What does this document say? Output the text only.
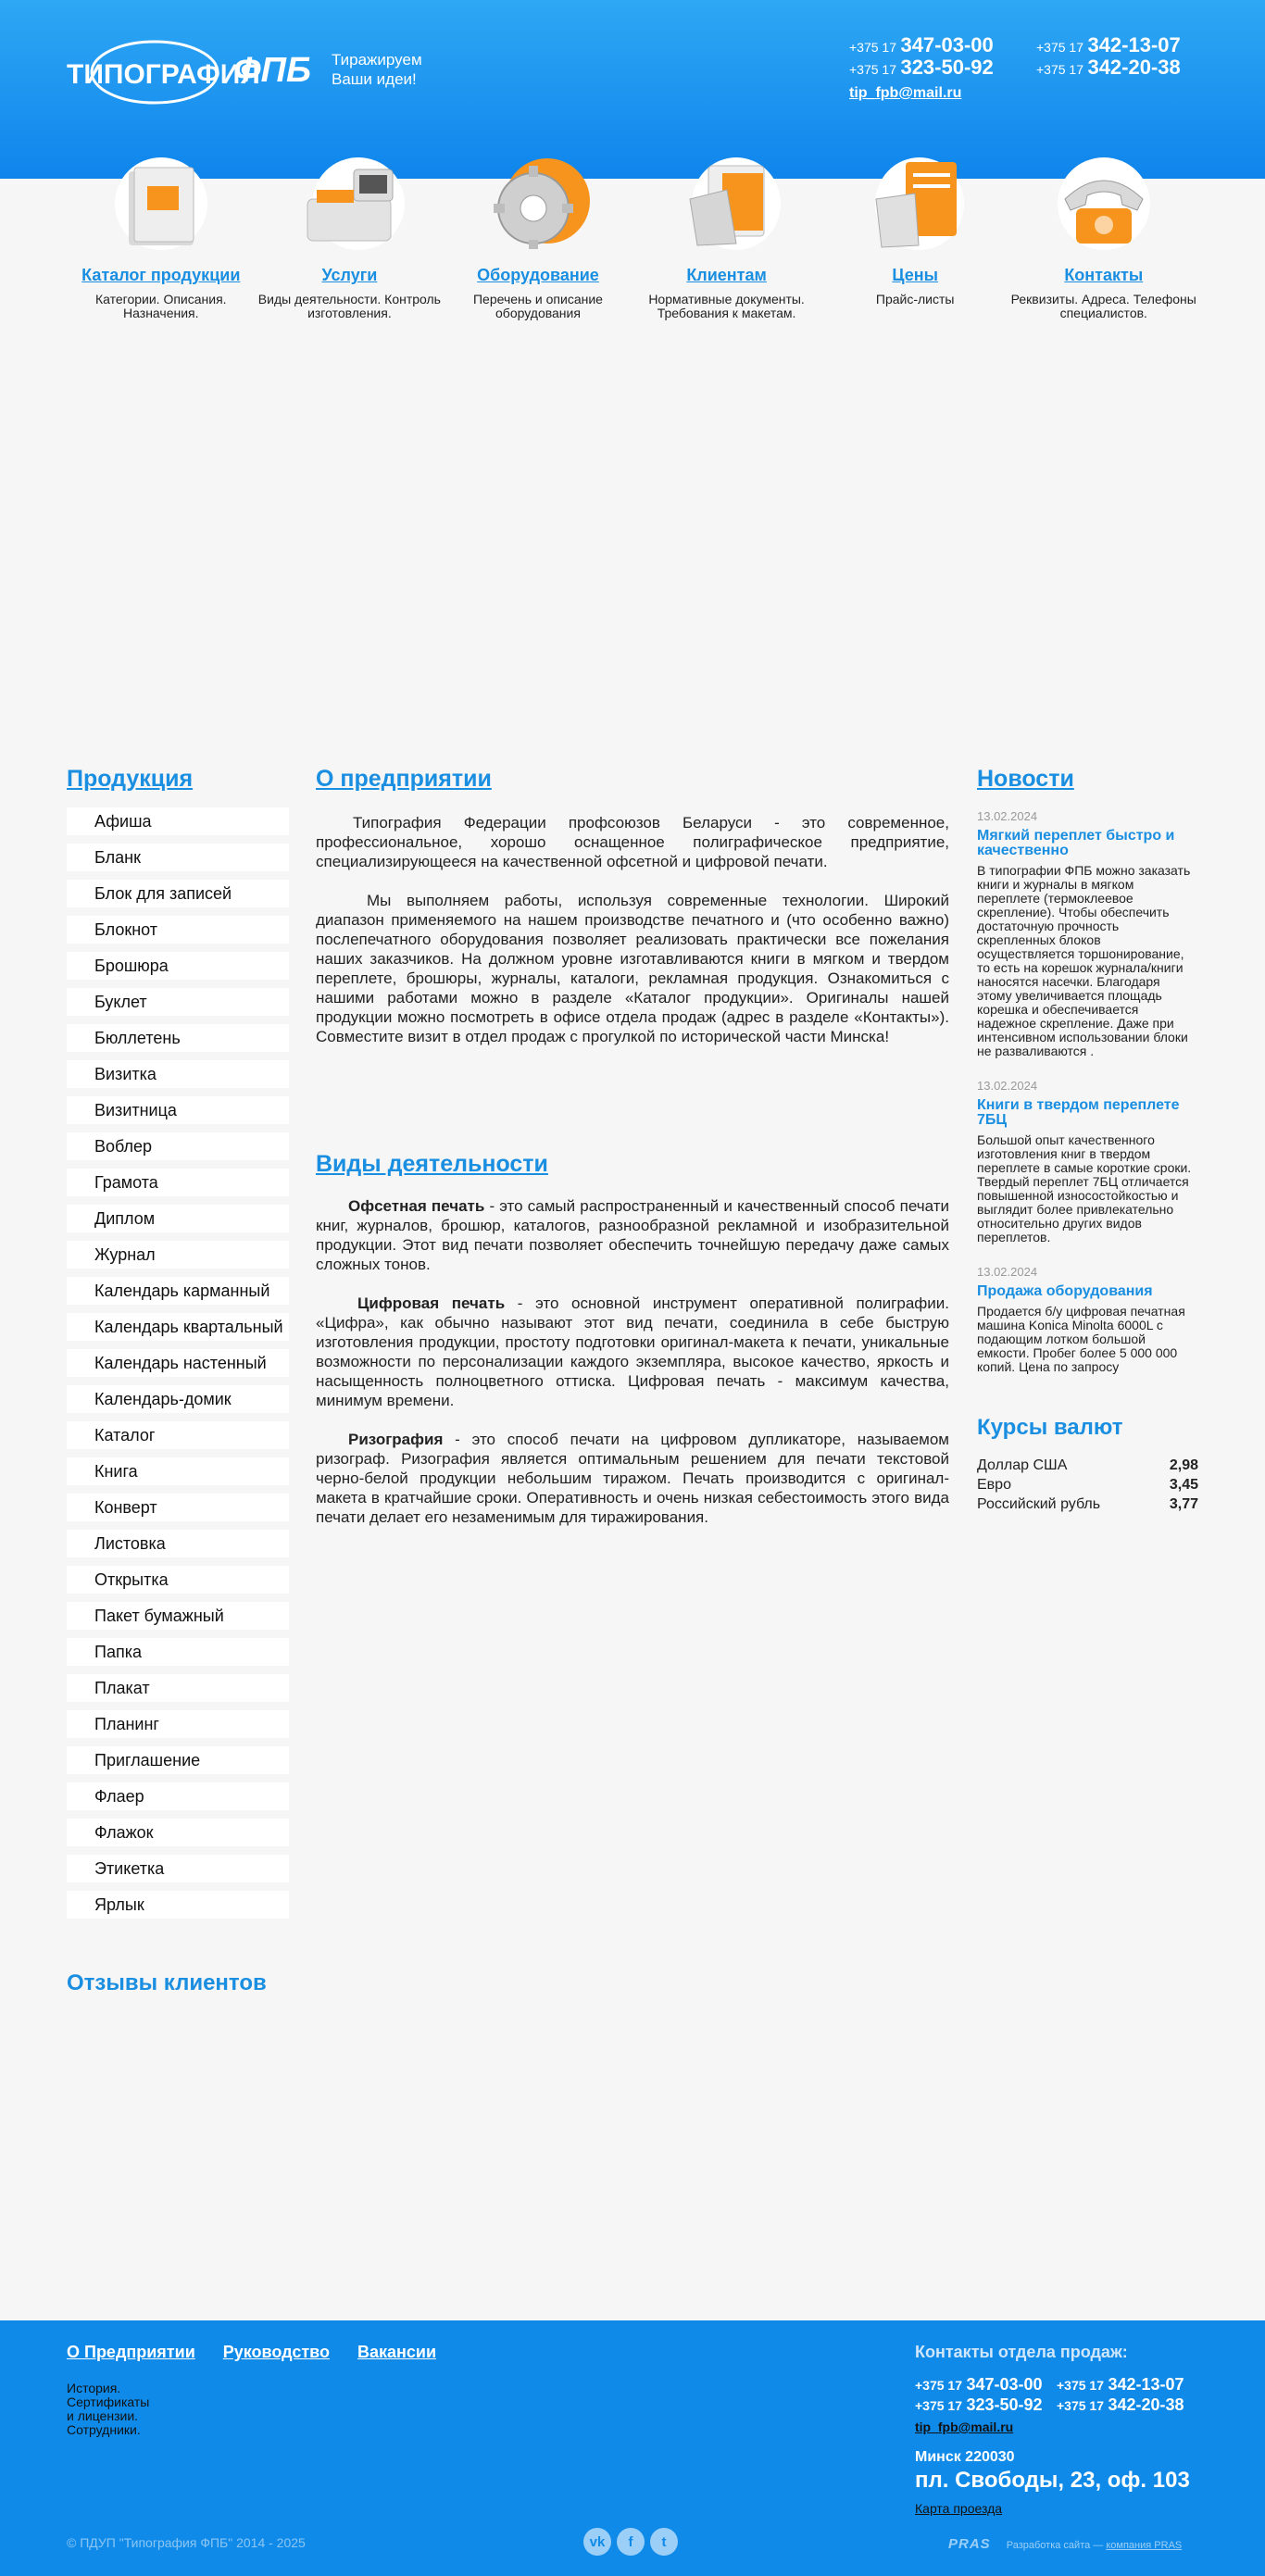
ТИПОГРАФИЯ
ФПБ Тиражируем
Ваши идеи!
+375 17 347-03-00	+375 17 342-13-07
+375 17 323-50-92	+375 17 342-20-38
tip_fpb@mail.ru
Каталог продукции
Категории. Описания. Назначения.
Услуги
Виды деятельности. Контроль изготовления.
Оборудование
Перечень и описание оборудования
Клиентам
Нормативные документы. Требования к макетам.
Цены
Прайс-листы
Контакты
Реквизиты. Адреса. Телефоны специалистов.
Продукция
Афиша
Бланк
Блок для записей
Блокнот
Брошюра
Буклет
Бюллетень
Визитка
Визитница
Воблер
Грамота
Диплом
Журнал
Календарь карманный
Календарь квартальный
Календарь настенный
Календарь-домик
Каталог
Книга
Конверт
Листовка
Открытка
Пакет бумажный
Папка
Плакат
Планинг
Приглашение
Флаер
Флажок
Этикетка
Ярлык
Отзывы клиентов
О предприятии

Типография Федерации профсоюзов Беларуси - это современное, профессиональное, хорошо оснащенное полиграфическое предприятие, специализирующееся на качественной офсетной и цифровой печати.

Мы выполняем работы, используя современные технологии. Широкий диапазон применяемого на нашем производстве печатного и (что особенно важно) послепечатного оборудования позволяет реализовать практически все пожелания наших заказчиков. На должном уровне изготавливаются книги в мягком и твердом переплете, брошюры, журналы, каталоги, рекламная продукция. Ознакомиться с нашими работами можно в разделе «Каталог продукции». Оригиналы нашей продукции можно посмотреть в офисе отдела продаж (адрес в разделе «Контакты»). Совместите визит в отдел продаж с прогулкой по исторической части Минска!

Виды деятельности

Офсетная печать - это самый распространенный и качественный способ печати книг, журналов, брошюр, каталогов, разнообразной рекламной и изобразительной продукции. Этот вид печати позволяет обеспечить точнейшую передачу даже самых сложных тонов.

Цифровая печать - это основной инструмент оперативной полиграфии. «Цифра», как обычно называют этот вид печати, соединила в себе быструю изготовления продукции, простоту подготовки оригинал-макета к печати, уникальные возможности по персонализации каждого экземпляра, высокое качество, яркость и насыщенность полноцветного оттиска. Цифровая печать - максимум качества, минимум времени.

Ризография - это способ печати на цифровом дупликаторе, называемом ризограф. Ризография является оптимальным решением для печати текстовой черно-белой продукции небольшим тиражом. Печать производится с оригинал-макета в кратчайшие сроки. Оперативность и очень низкая себестоимость этого вида печати делает его незаменимым для тиражирования.

Новости
13.02.2024
Мягкий переплет быстро и качественно
В типографии ФПБ можно заказать книги и журналы в мягком переплете (термоклеевое скрепление). Чтобы обеспечить достаточную прочность скрепленных блоков осуществляется торшонирование, то есть на корешок журнала/книги наносятся насечки. Благодаря этому увеличивается площадь корешка и обеспечивается надежное скрепление. Даже при интенсивном использовании блоки не разваливаются .
13.02.2024
Книги в твердом переплете 7БЦ
Большой опыт качественного изготовления книг в твердом переплете в самые короткие сроки. Твердый переплет 7БЦ отличается повышенной износостойкостью и выглядит более привлекательно относительно других видов переплетов.
13.02.2024
Продажа оборудования
Продается б/у цифровая печатная машина Konica Minolta 6000L с подающим лотком большой емкости. Пробег более 5 000 000 копий. Цена по запросу
Курсы валют
Доллар США	2,98
Евро	3,45
Российский рубль	3,77
О Предприятии Руководство Вакансии
История.
Сертификаты
и лицензии.
Сотрудники.
Контакты отдела продаж:
+375 17 347-03-00	+375 17 342-13-07
+375 17 323-50-92	+375 17 342-20-38
tip_fpb@mail.ru
Минск 220030
пл. Свободы, 23, оф. 103
Карта проезда
© ПДУП "Типография ФПБ" 2014 - 2025	vk	f	t	PRAS Разработка сайта — компания PRAS
